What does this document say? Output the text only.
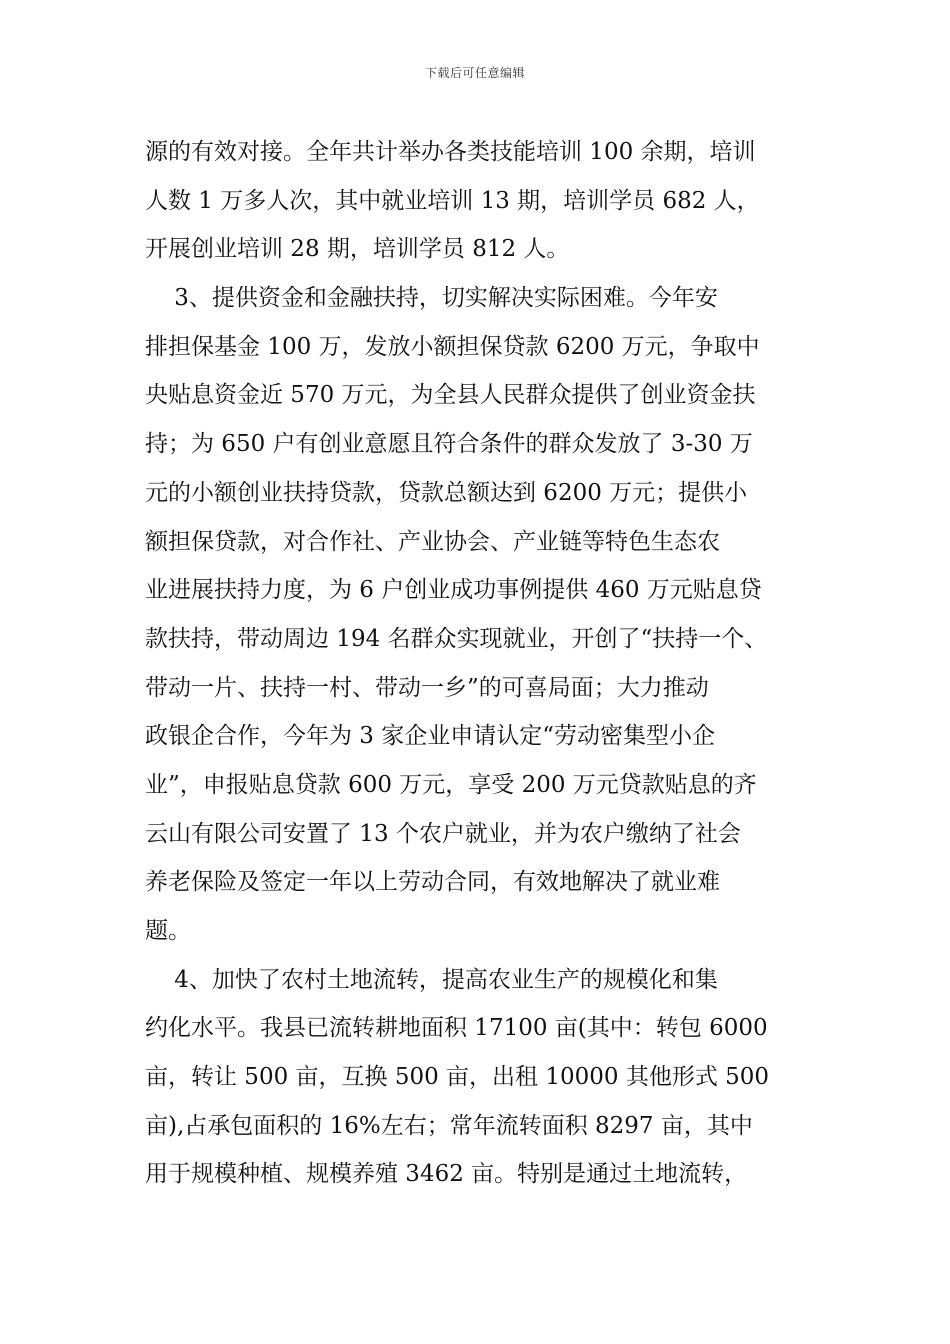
下载后可任意编辑
源的有效对接。全年共计举办各类技能培训 100 余期，培训
人数 1 万多人次，其中就业培训 13 期，培训学员 682 人，
开展创业培训 28 期，培训学员 812 人。
3、提供资金和金融扶持，切实解决实际困难。今年安
排担保基金 100 万，发放小额担保贷款 6200 万元，争取中
央贴息资金近 570 万元，为全县人民群众提供了创业资金扶
持；为 650 户有创业意愿且符合条件的群众发放了 3-30 万
元的小额创业扶持贷款，贷款总额达到 6200 万元；提供小
额担保贷款，对合作社、产业协会、产业链等特色生态农
业进展扶持力度，为 6 户创业成功事例提供 460 万元贴息贷
款扶持，带动周边 194 名群众实现就业，开创了“扶持一个、
带动一片、扶持一村、带动一乡”的可喜局面；大力推动
政银企合作，今年为 3 家企业申请认定“劳动密集型小企
业”，申报贴息贷款 600 万元，享受 200 万元贷款贴息的齐
云山有限公司安置了 13 个农户就业，并为农户缴纳了社会
养老保险及签定一年以上劳动合同，有效地解决了就业难
题。
4、加快了农村土地流转，提高农业生产的规模化和集
约化水平。我县已流转耕地面积 17100 亩(其中：转包 6000
亩，转让 500 亩，互换 500 亩，出租 10000 其他形式 500
亩),占承包面积的 16%左右；常年流转面积 8297 亩，其中
用于规模种植、规模养殖 3462 亩。特别是通过土地流转，
